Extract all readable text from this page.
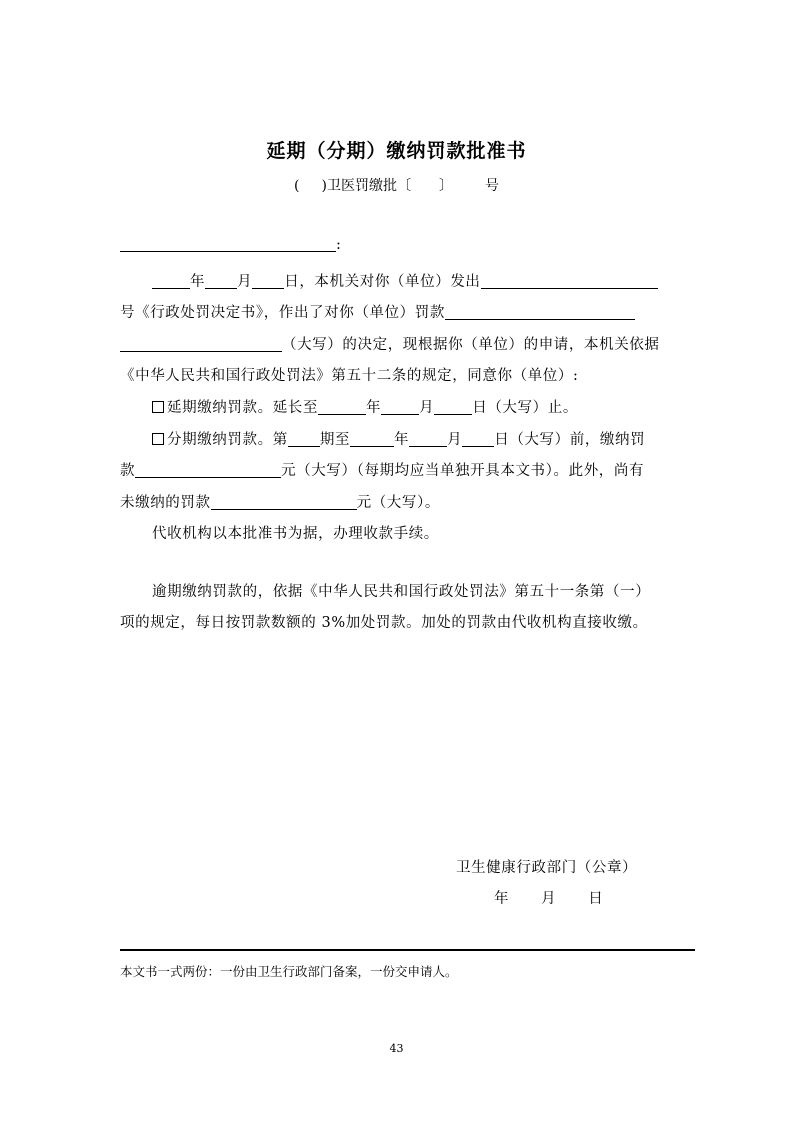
延期（分期）缴纳罚款批准书
( )卫医罚缴批〔 〕 号
:
年 月 日，本机关对你（单位）发出
号《行政处罚决定书》，作出了对你（单位）罚款
（大写）的决定，现根据你（单位）的申请，本机关依据
《中华人民共和国行政处罚法》第五十二条的规定，同意你（单位）:
延期缴纳罚款。延长至	年	月	日（大写）止。
分期缴纳罚款。第 期至	年	月 日（大写）前，缴纳罚
款	元（大写）（每期均应当单独开具本文书）。此外，尚有
未缴纳的罚款	元（大写）。
代收机构以本批准书为据，办理收款手续。
逾期缴纳罚款的，依据《中华人民共和国行政处罚法》第五十一条第（一）
项的规定，每日按罚款数额的 3%加处罚款。加处的罚款由代收机构直接收缴。
卫生健康行政部门（公章）
年 月 日
本文书一式两份：一份由卫生行政部门备案，一份交申请人。
43
